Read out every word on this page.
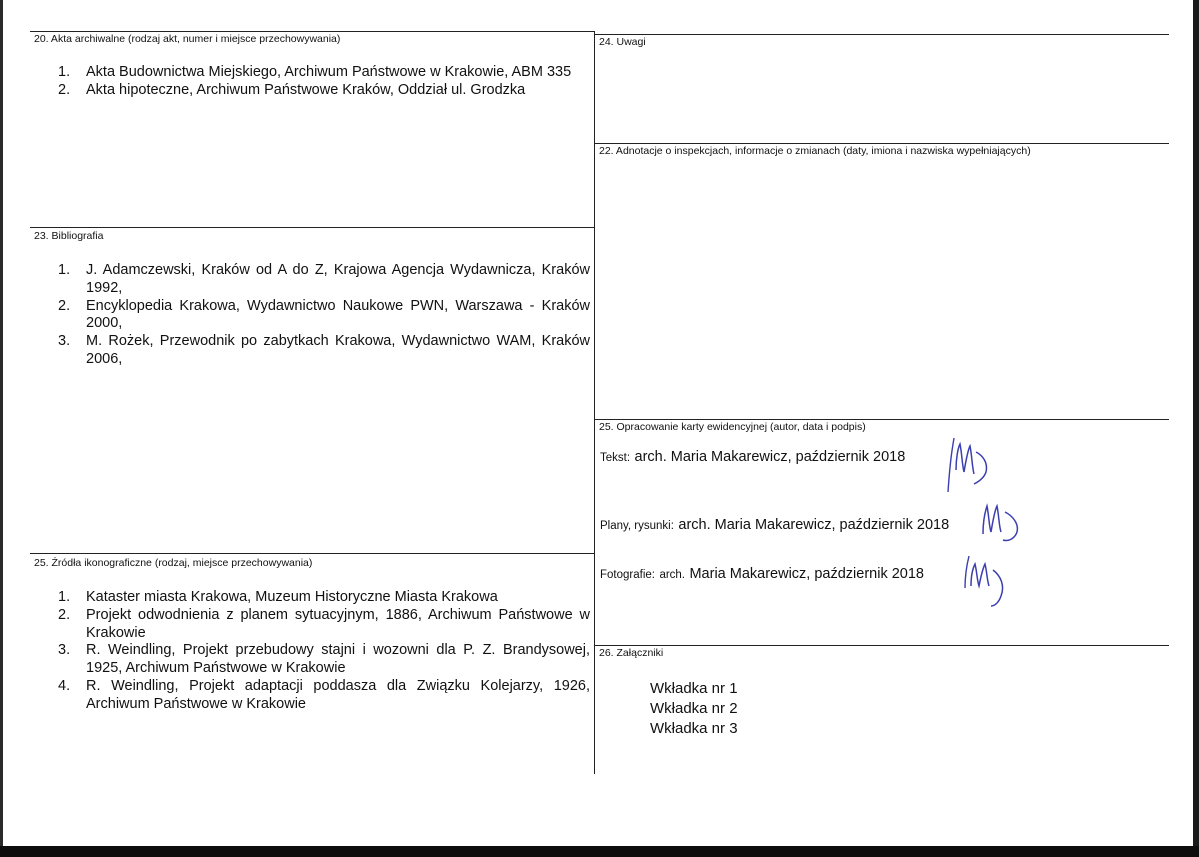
20. Akta archiwalne (rodzaj akt, numer i miejsce przechowywania)
1.	Akta Budownictwa Miejskiego, Archiwum Państwowe w Krakowie, ABM 335
2.	Akta hipoteczne, Archiwum Państwowe Kraków, Oddział ul. Grodzka
23. Bibliografia
1.	J. Adamczewski, Kraków od A do Z, Krajowa Agencja Wydawnicza, Kraków 1992,
2.	Encyklopedia Krakowa, Wydawnictwo Naukowe PWN, Warszawa - Kraków 2000,
3.	M. Rożek, Przewodnik po zabytkach Krakowa, Wydawnictwo WAM, Kraków 2006,
25. Źródła ikonograficzne (rodzaj, miejsce przechowywania)
1.	Kataster miasta Krakowa, Muzeum Historyczne Miasta Krakowa
2.	Projekt odwodnienia z planem sytuacyjnym, 1886, Archiwum Państwowe w Krakowie
3.	R. Weindling, Projekt przebudowy stajni i wozowni dla P. Z. Brandysowej, 1925, Archiwum Państwowe w Krakowie
4.	R. Weindling, Projekt adaptacji poddasza dla Związku Kolejarzy, 1926, Archiwum Państwowe w Krakowie
24. Uwagi
22. Adnotacje o inspekcjach, informacje o zmianach (daty, imiona i nazwiska wypełniających)
25. Opracowanie karty ewidencyjnej (autor, data i podpis)
Tekst: arch. Maria Makarewicz, październik 2018
Plany, rysunki: arch. Maria Makarewicz, październik 2018
Fotografie: arch. Maria Makarewicz, październik 2018
26. Załączniki
Wkładka nr 1
Wkładka nr 2
Wkładka nr 3
